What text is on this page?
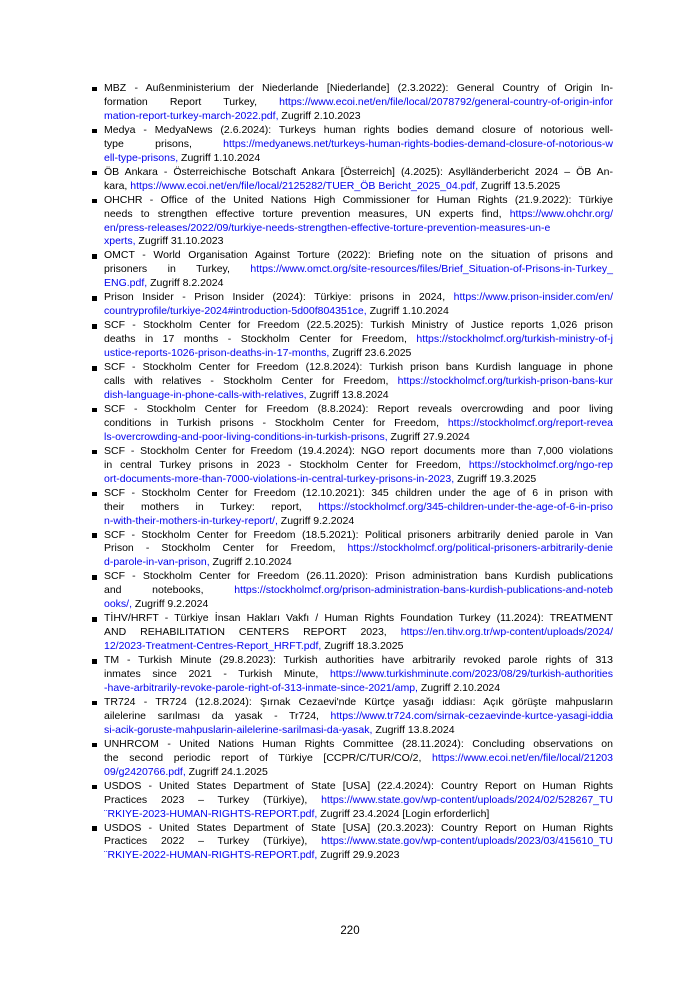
MBZ - Außenministerium der Niederlande [Niederlande] (2.3.2022): General Country of Origin In-
formation Report Turkey, https://www.ecoi.net/en/file/local/2078792/general-country-of-origin-infor
mation-report-turkey-march-2022.pdf, Zugriff 2.10.2023
Medya - MedyaNews (2.6.2024): Turkeys human rights bodies demand closure of notorious well-
type prisons, https://medyanews.net/turkeys-human-rights-bodies-demand-closure-of-notorious-w
ell-type-prisons, Zugriff 1.10.2024
ÖB Ankara - Österreichische Botschaft Ankara [Österreich] (4.2025): Asylländerbericht 2024 – ÖB An-
kara, https://www.ecoi.net/en/file/local/2125282/TUER_ÖB Bericht_2025_04.pdf, Zugriff 13.5.2025
OHCHR - Office of the United Nations High Commissioner for Human Rights (21.9.2022): Türkiye
needs to strengthen effective torture prevention measures, UN experts find, https://www.ohchr.org/
en/press-releases/2022/09/turkiye-needs-strengthen-effective-torture-prevention-measures-un-e
xperts, Zugriff 31.10.2023
OMCT - World Organisation Against Torture (2022): Briefing note on the situation of prisons and
prisoners in Turkey, https://www.omct.org/site-resources/files/Brief_Situation-of-Prisons-in-Turkey_
ENG.pdf, Zugriff 8.2.2024
Prison Insider - Prison Insider (2024): Türkiye: prisons in 2024, https://www.prison-insider.com/en/
countryprofile/turkiye-2024#introduction-5d00f804351ce, Zugriff 1.10.2024
SCF - Stockholm Center for Freedom (22.5.2025): Turkish Ministry of Justice reports 1,026 prison
deaths in 17 months - Stockholm Center for Freedom, https://stockholmcf.org/turkish-ministry-of-j
ustice-reports-1026-prison-deaths-in-17-months, Zugriff 23.6.2025
SCF - Stockholm Center for Freedom (12.8.2024): Turkish prison bans Kurdish language in phone
calls with relatives - Stockholm Center for Freedom, https://stockholmcf.org/turkish-prison-bans-kur
dish-language-in-phone-calls-with-relatives, Zugriff 13.8.2024
SCF - Stockholm Center for Freedom (8.8.2024): Report reveals overcrowding and poor living
conditions in Turkish prisons - Stockholm Center for Freedom, https://stockholmcf.org/report-revea
ls-overcrowding-and-poor-living-conditions-in-turkish-prisons, Zugriff 27.9.2024
SCF - Stockholm Center for Freedom (19.4.2024): NGO report documents more than 7,000 violations
in central Turkey prisons in 2023 - Stockholm Center for Freedom, https://stockholmcf.org/ngo-rep
ort-documents-more-than-7000-violations-in-central-turkey-prisons-in-2023, Zugriff 19.3.2025
SCF - Stockholm Center for Freedom (12.10.2021): 345 children under the age of 6 in prison with
their mothers in Turkey: report, https://stockholmcf.org/345-children-under-the-age-of-6-in-priso
n-with-their-mothers-in-turkey-report/, Zugriff 9.2.2024
SCF - Stockholm Center for Freedom (18.5.2021): Political prisoners arbitrarily denied parole in Van
Prison - Stockholm Center for Freedom, https://stockholmcf.org/political-prisoners-arbitrarily-denie
d-parole-in-van-prison, Zugriff 2.10.2024
SCF - Stockholm Center for Freedom (26.11.2020): Prison administration bans Kurdish publications
and notebooks, https://stockholmcf.org/prison-administration-bans-kurdish-publications-and-noteb
ooks/, Zugriff 9.2.2024
TİHV/HRFT - Türkiye İnsan Hakları Vakfı / Human Rights Foundation Turkey (11.2024): TREATMENT
AND REHABILITATION CENTERS REPORT 2023, https://en.tihv.org.tr/wp-content/uploads/2024/
12/2023-Treatment-Centres-Report_HRFT.pdf, Zugriff 18.3.2025
TM - Turkish Minute (29.8.2023): Turkish authorities have arbitrarily revoked parole rights of 313
inmates since 2021 - Turkish Minute, https://www.turkishminute.com/2023/08/29/turkish-authorities
-have-arbitrarily-revoke-parole-right-of-313-inmate-since-2021/amp, Zugriff 2.10.2024
TR724 - TR724 (12.8.2024): Şırnak Cezaevi'nde Kürtçe yasağı iddiası: Açık görüşte mahpusların
ailelerine sarılması da yasak - Tr724, https://www.tr724.com/sirnak-cezaevinde-kurtce-yasagi-iddia
si-acik-goruste-mahpuslarin-ailelerine-sarilmasi-da-yasak, Zugriff 13.8.2024
UNHRCOM - United Nations Human Rights Committee (28.11.2024): Concluding observations on
the second periodic report of Türkiye [CCPR/C/TUR/CO/2, https://www.ecoi.net/en/file/local/21203
09/g2420766.pdf, Zugriff 24.1.2025
USDOS - United States Department of State [USA] (22.4.2024): Country Report on Human Rights
Practices 2023 – Turkey (Türkiye), https://www.state.gov/wp-content/uploads/2024/02/528267_TU
¨RKIYE-2023-HUMAN-RIGHTS-REPORT.pdf, Zugriff 23.4.2024 [Login erforderlich]
USDOS - United States Department of State [USA] (20.3.2023): Country Report on Human Rights
Practices 2022 – Turkey (Türkiye), https://www.state.gov/wp-content/uploads/2023/03/415610_TU
¨RKIYE-2022-HUMAN-RIGHTS-REPORT.pdf, Zugriff 29.9.2023
220
